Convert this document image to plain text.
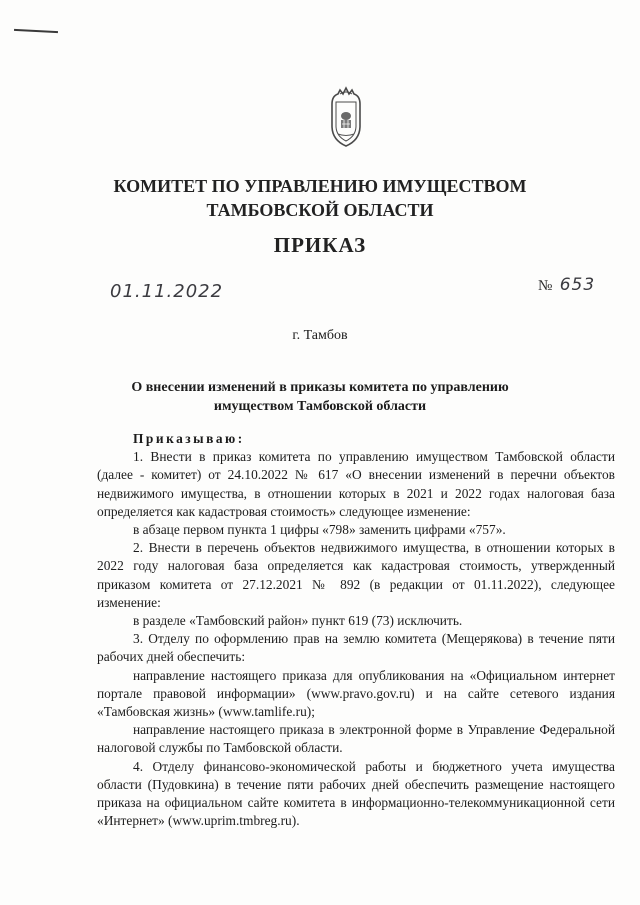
КОМИТЕТ ПО УПРАВЛЕНИЮ ИМУЩЕСТВОМ
ТАМБОВСКОЙ ОБЛАСТИ
ПРИКАЗ
01.11.2022	№ 653
г. Тамбов
О внесении изменений в приказы комитета по управлению имуществом Тамбовской области

Приказываю:

1. Внести в приказ комитета по управлению имуществом Тамбовской области (далее - комитет) от 24.10.2022 № 617 «О внесении изменений в перечни объектов недвижимого имущества, в отношении которых в 2021 и 2022 годах налоговая база определяется как кадастровая стоимость» следующее изменение:

в абзаце первом пункта 1 цифры «798» заменить цифрами «757».

2. Внести в перечень объектов недвижимого имущества, в отношении которых в 2022 году налоговая база определяется как кадастровая стоимость, утвержденный приказом комитета от 27.12.2021 № 892 (в редакции от 01.11.2022), следующее изменение:

в разделе «Тамбовский район» пункт 619 (73) исключить.

3. Отделу по оформлению прав на землю комитета (Мещерякова) в течение пяти рабочих дней обеспечить:

направление настоящего приказа для опубликования на «Официальном интернет портале правовой информации» (www.pravo.gov.ru) и на сайте сетевого издания «Тамбовская жизнь» (www.tamlife.ru);

направление настоящего приказа в электронной форме в Управление Федеральной налоговой службы по Тамбовской области.

4. Отделу финансово-экономической работы и бюджетного учета имущества области (Пудовкина) в течение пяти рабочих дней обеспечить размещение настоящего приказа на официальном сайте комитета в информационно-телекоммуникационной сети «Интернет» (www.uprim.tmbreg.ru).
